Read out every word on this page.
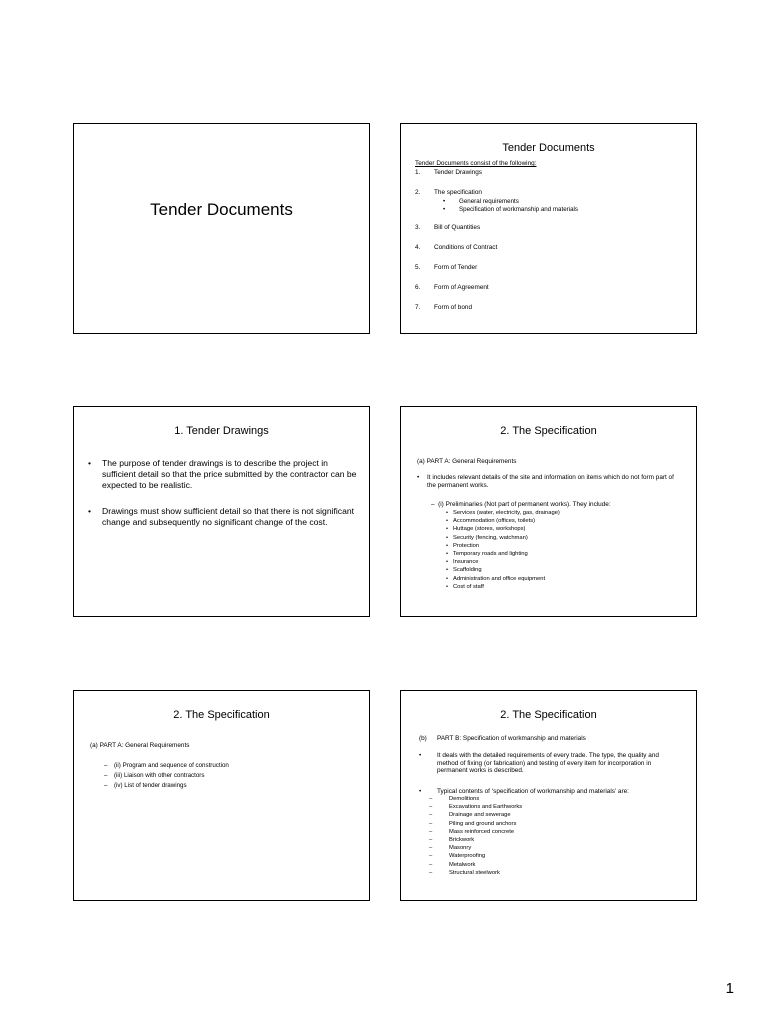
Tender Documents
Tender Documents
Tender Documents consist of the following:
1.	Tender Drawings
2.	The specification
• General requirements
• Specification of workmanship and materials
3.	Bill of Quantities
4.	Conditions of Contract
5.	Form of Tender
6.	Form of Agreement
7.	Form of bond
1. Tender Drawings
• The purpose of tender drawings is to describe the project in sufficient detail so that the price submitted by the contractor can be expected to be realistic.
• Drawings must show sufficient detail so that there is not significant change and subsequently no significant change of the cost.
2. The Specification
(a) PART A: General Requirements
• It includes relevant details of the site and information on items which do not form part of the permanent works.
– (i) Preliminaries (Not part of permanent works). They include:
• Services (water, electricity, gas, drainage)
• Accommodation (offices, toilets)
• Huttage (stores, workshops)
• Security (fencing, watchman)
• Protection
• Temporary roads and lighting
• Insurance
• Scaffolding
• Administration and office equipment
• Cost of staff
2. The Specification
(a) PART A: General Requirements
– (ii) Program and sequence of construction
– (iii) Liaison with other contractors
– (iv) List of tender drawings
2. The Specification
(b) PART B: Specification of workmanship and materials
• It deals with the detailed requirements of every trade. The type, the quality and method of fixing (or fabrication) and testing of every item for incorporation in permanent works is described.
• Typical contents of ‘specification of workmanship and materials’ are:
–	Demolitions
–	Excavations and Earthworks
–	Drainage and sewerage
–	Piling and ground anchors
–	Mass reinforced concrete
–	Brickwork
–	Masonry
–	Waterproofing
–	Metalwork
–	Structural steelwork
1
